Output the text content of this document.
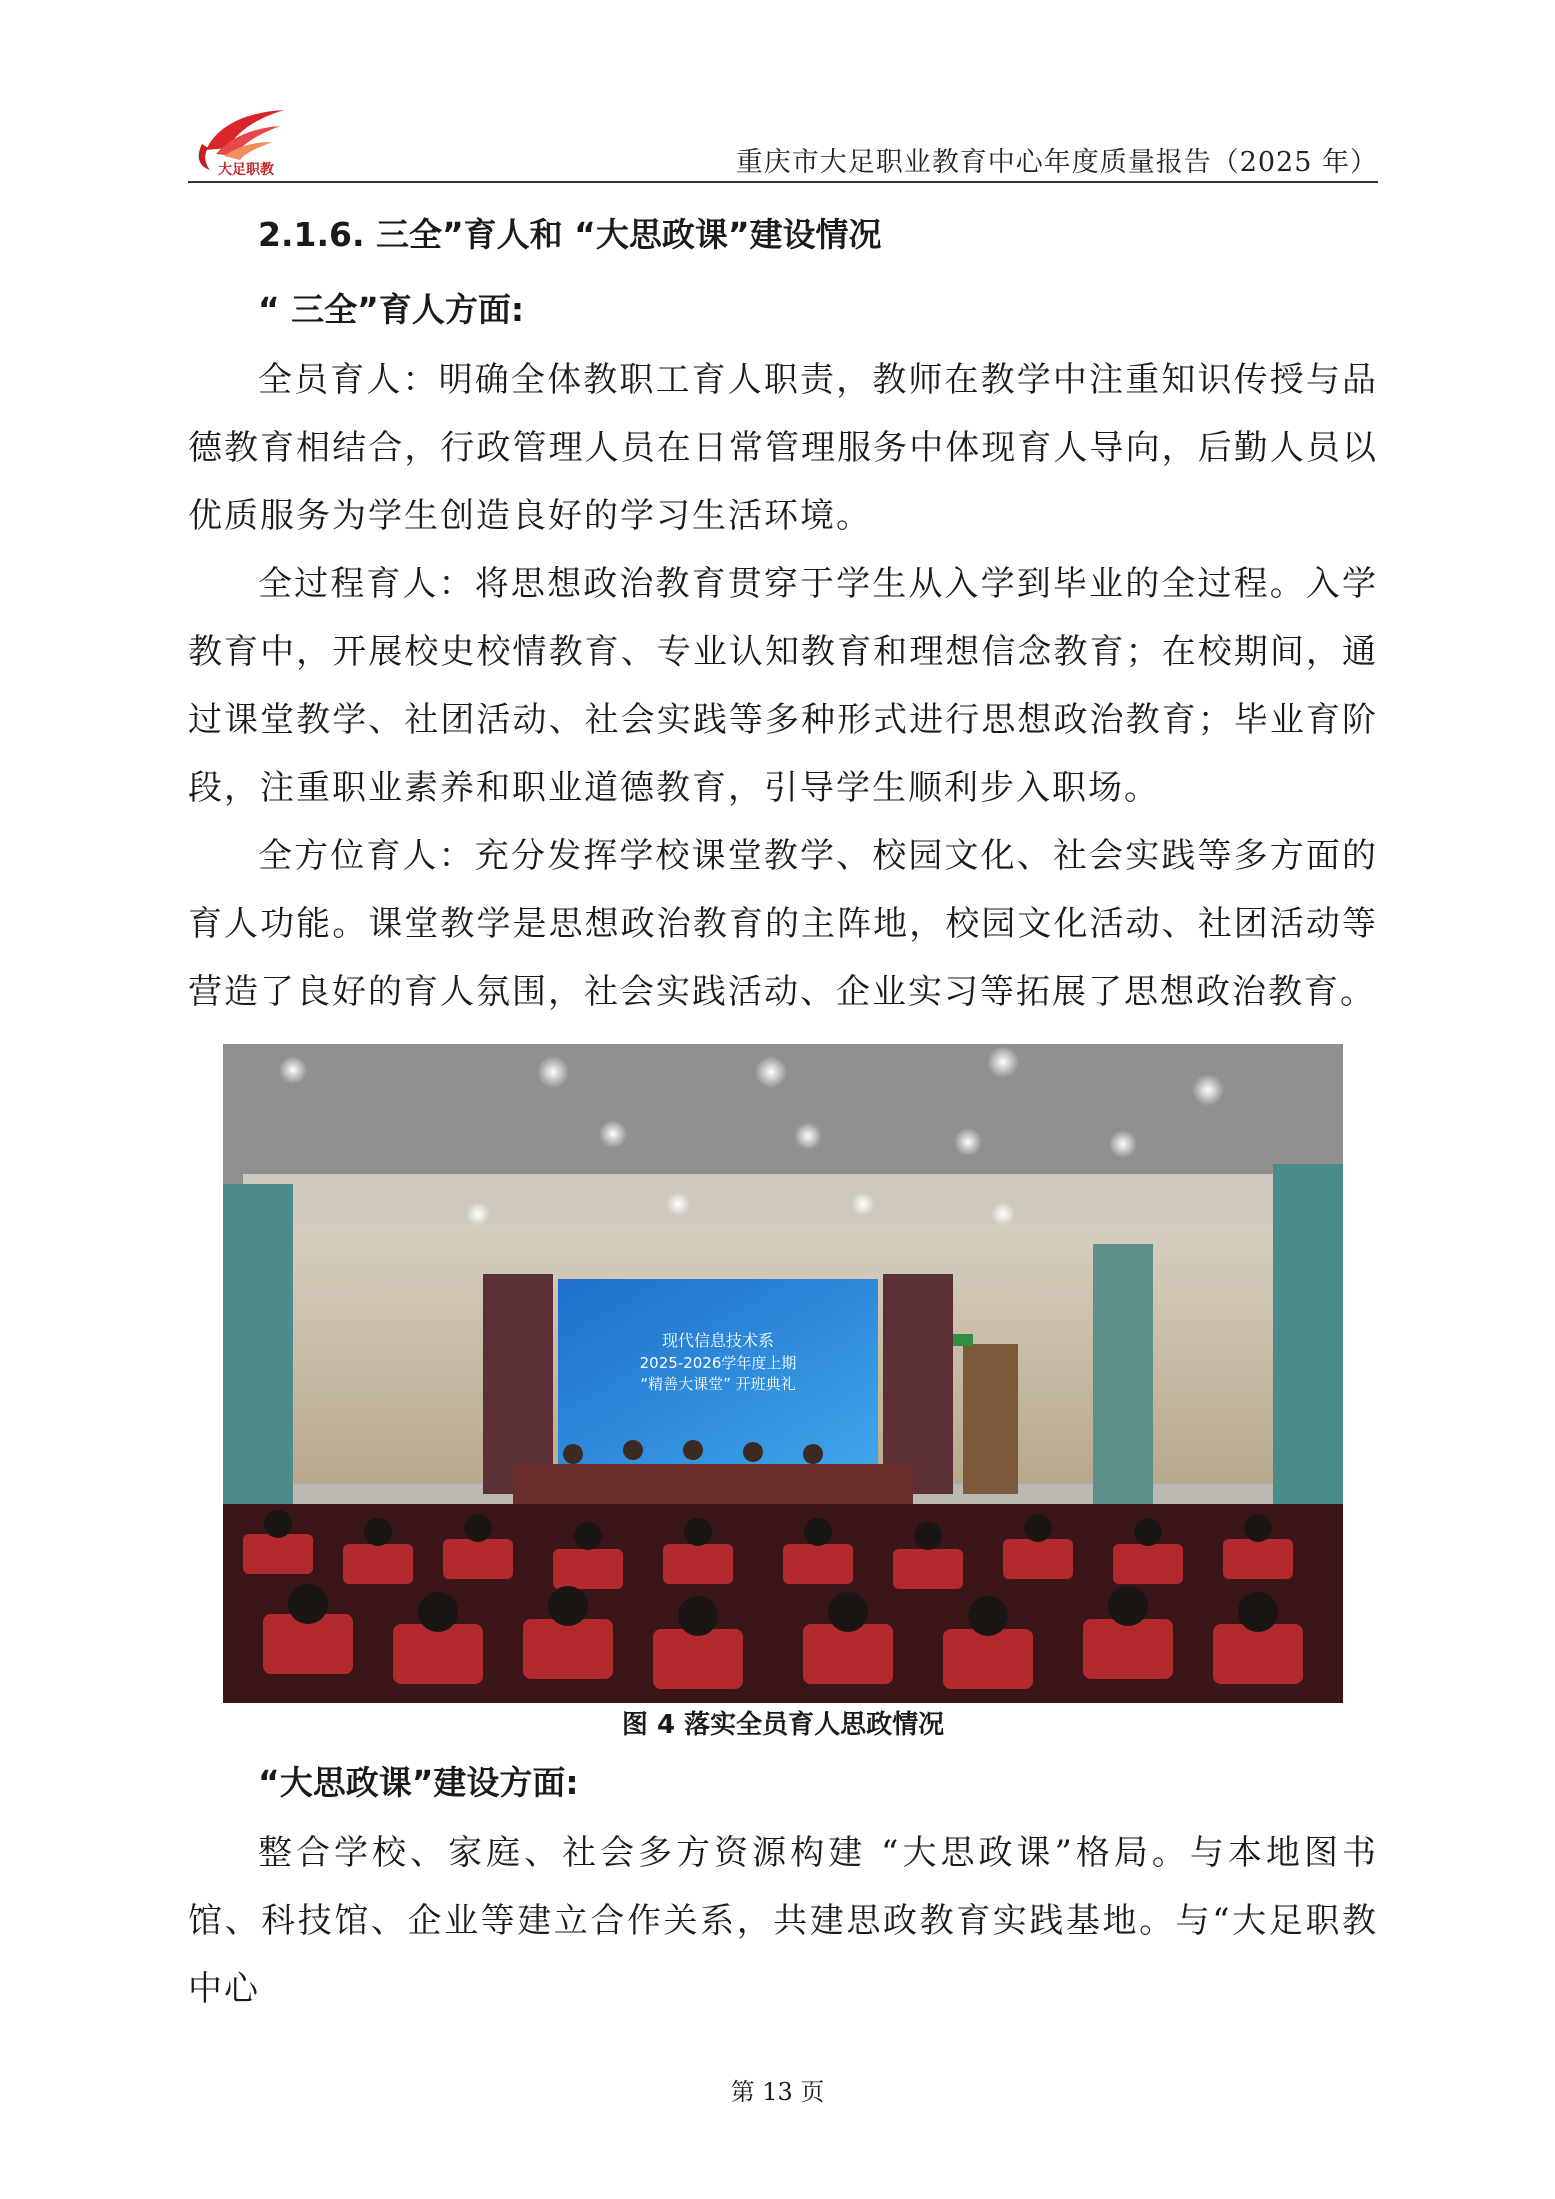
大足职教	重庆市大足职业教育中心年度质量报告（2025 年）
2.1.6. 三全”育人和 “大思政课”建设情况
“ 三全”育人方面:

全员育人：明确全体教职工育人职责，教师在教学中注重知识传授与品德教育相结合，行政管理人员在日常管理服务中体现育人导向，后勤人员以优质服务为学生创造良好的学习生活环境。

全过程育人：将思想政治教育贯穿于学生从入学到毕业的全过程。入学教育中，开展校史校情教育、专业认知教育和理想信念教育；在校期间，通过课堂教学、社团活动、社会实践等多种形式进行思想政治教育；毕业育阶段，注重职业素养和职业道德教育，引导学生顺利步入职场。

全方位育人：充分发挥学校课堂教学、校园文化、社会实践等多方面的育人功能。课堂教学是思想政治教育的主阵地，校园文化活动、社团活动等营造了良好的育人氛围，社会实践活动、企业实习等拓展了思想政治教育。

现代信息技术系
2025-2026学年度上期
“精善大课堂” 开班典礼

图 4 落实全员育人思政情况

“大思政课”建设方面:

整合学校、家庭、社会多方资源构建 “大思政课”格局。与本地图书馆、科技馆、企业等建立合作关系，共建思政教育实践基地。与“大足职教中心

第 13 页
